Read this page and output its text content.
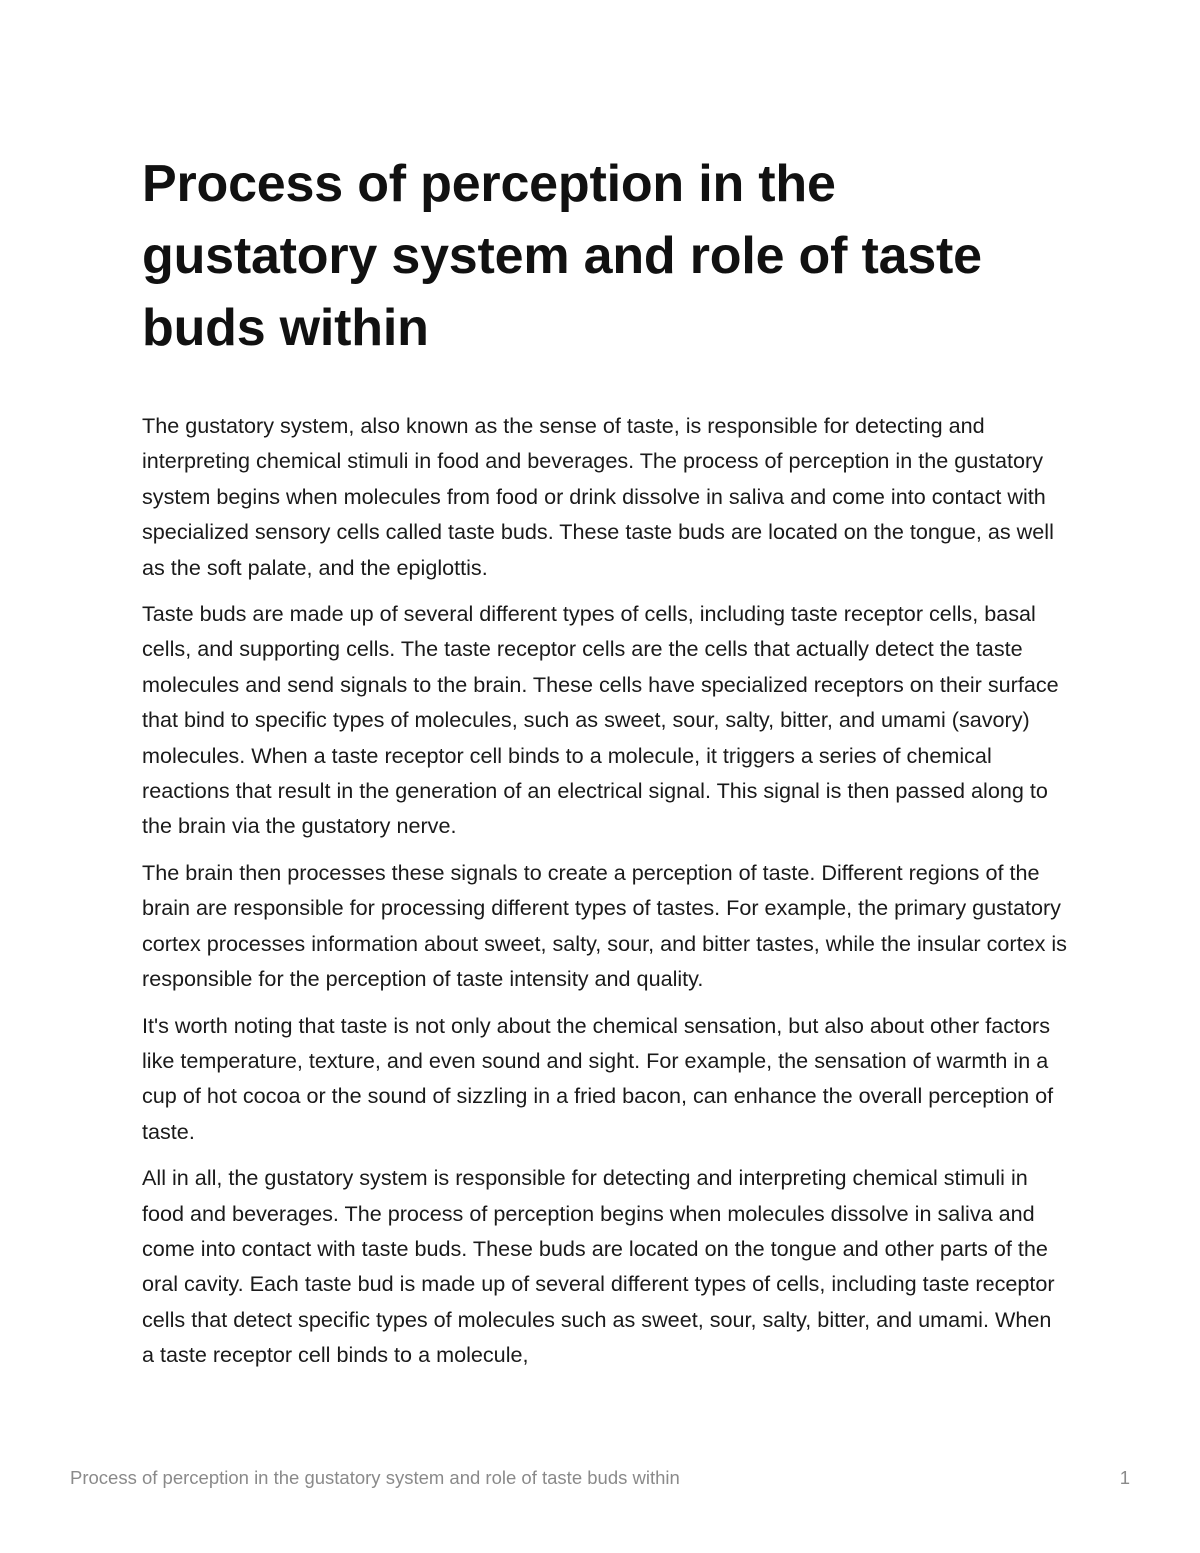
Process of perception in the gustatory system and role of taste buds within

The gustatory system, also known as the sense of taste, is responsible for detecting and interpreting chemical stimuli in food and beverages. The process of perception in the gustatory system begins when molecules from food or drink dissolve in saliva and come into contact with specialized sensory cells called taste buds. These taste buds are located on the tongue, as well as the soft palate, and the epiglottis.

Taste buds are made up of several different types of cells, including taste receptor cells, basal cells, and supporting cells. The taste receptor cells are the cells that actually detect the taste molecules and send signals to the brain. These cells have specialized receptors on their surface that bind to specific types of molecules, such as sweet, sour, salty, bitter, and umami (savory) molecules. When a taste receptor cell binds to a molecule, it triggers a series of chemical reactions that result in the generation of an electrical signal. This signal is then passed along to the brain via the gustatory nerve.

The brain then processes these signals to create a perception of taste. Different regions of the brain are responsible for processing different types of tastes. For example, the primary gustatory cortex processes information about sweet, salty, sour, and bitter tastes, while the insular cortex is responsible for the perception of taste intensity and quality.

It's worth noting that taste is not only about the chemical sensation, but also about other factors like temperature, texture, and even sound and sight. For example, the sensation of warmth in a cup of hot cocoa or the sound of sizzling in a fried bacon, can enhance the overall perception of taste.

All in all, the gustatory system is responsible for detecting and interpreting chemical stimuli in food and beverages. The process of perception begins when molecules dissolve in saliva and come into contact with taste buds. These buds are located on the tongue and other parts of the oral cavity. Each taste bud is made up of several different types of cells, including taste receptor cells that detect specific types of molecules such as sweet, sour, salty, bitter, and umami. When a taste receptor cell binds to a molecule,

Process of perception in the gustatory system and role of taste buds within	1
